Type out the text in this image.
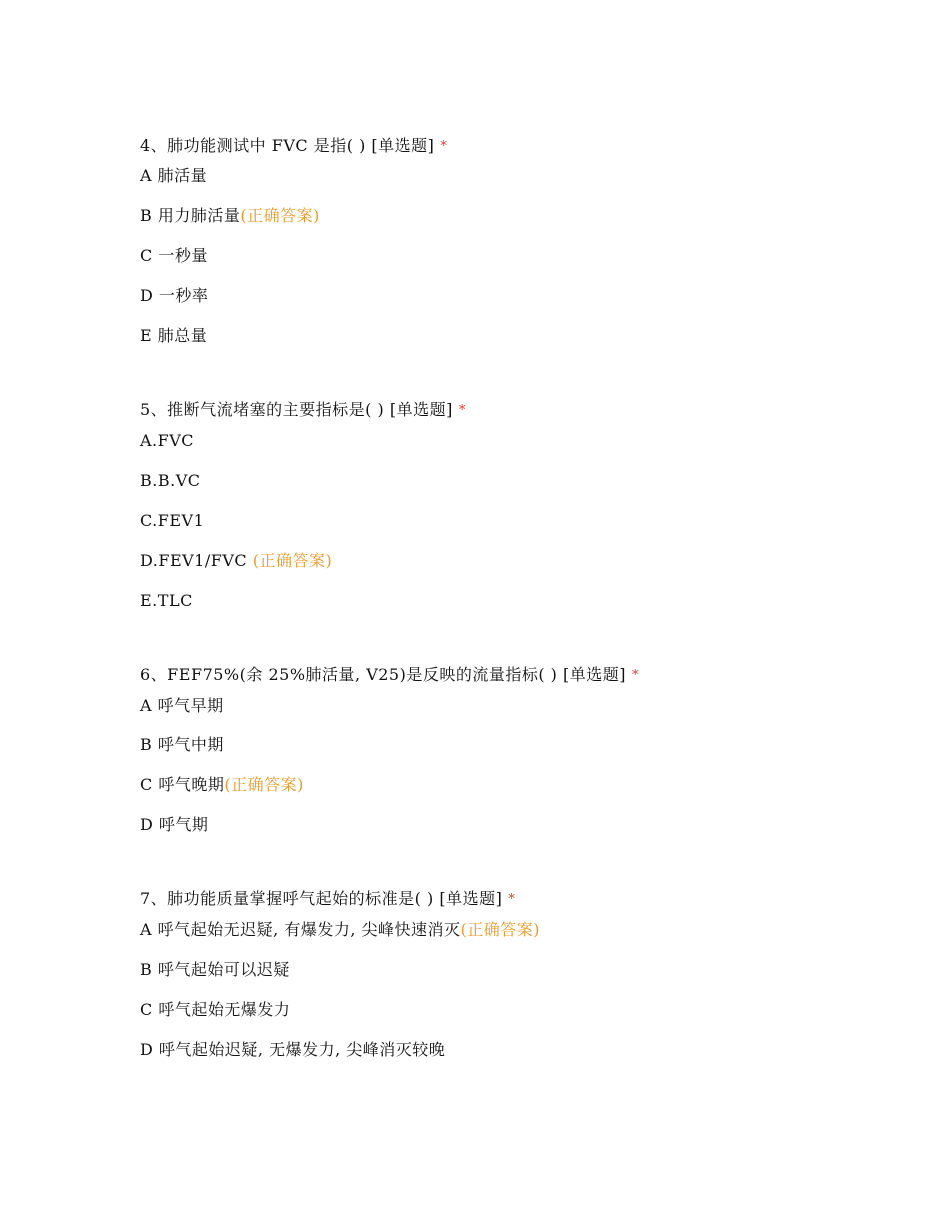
4、肺功能测试中 FVC 是指( ) [单选题] *
A 肺活量
B 用力肺活量(正确答案)
C 一秒量
D 一秒率
E 肺总量
5、推断气流堵塞的主要指标是( ) [单选题] *
A.FVC
B.B.VC
C.FEV1
D.FEV1/FVC (正确答案)
E.TLC
6、FEF75%(余 25%肺活量, V25)是反映的流量指标( ) [单选题] *
A 呼气早期
B 呼气中期
C 呼气晚期(正确答案)
D 呼气期
7、肺功能质量掌握呼气起始的标准是( ) [单选题] *
A 呼气起始无迟疑, 有爆发力, 尖峰快速消灭(正确答案)
B 呼气起始可以迟疑
C 呼气起始无爆发力
D 呼气起始迟疑, 无爆发力, 尖峰消灭较晚
